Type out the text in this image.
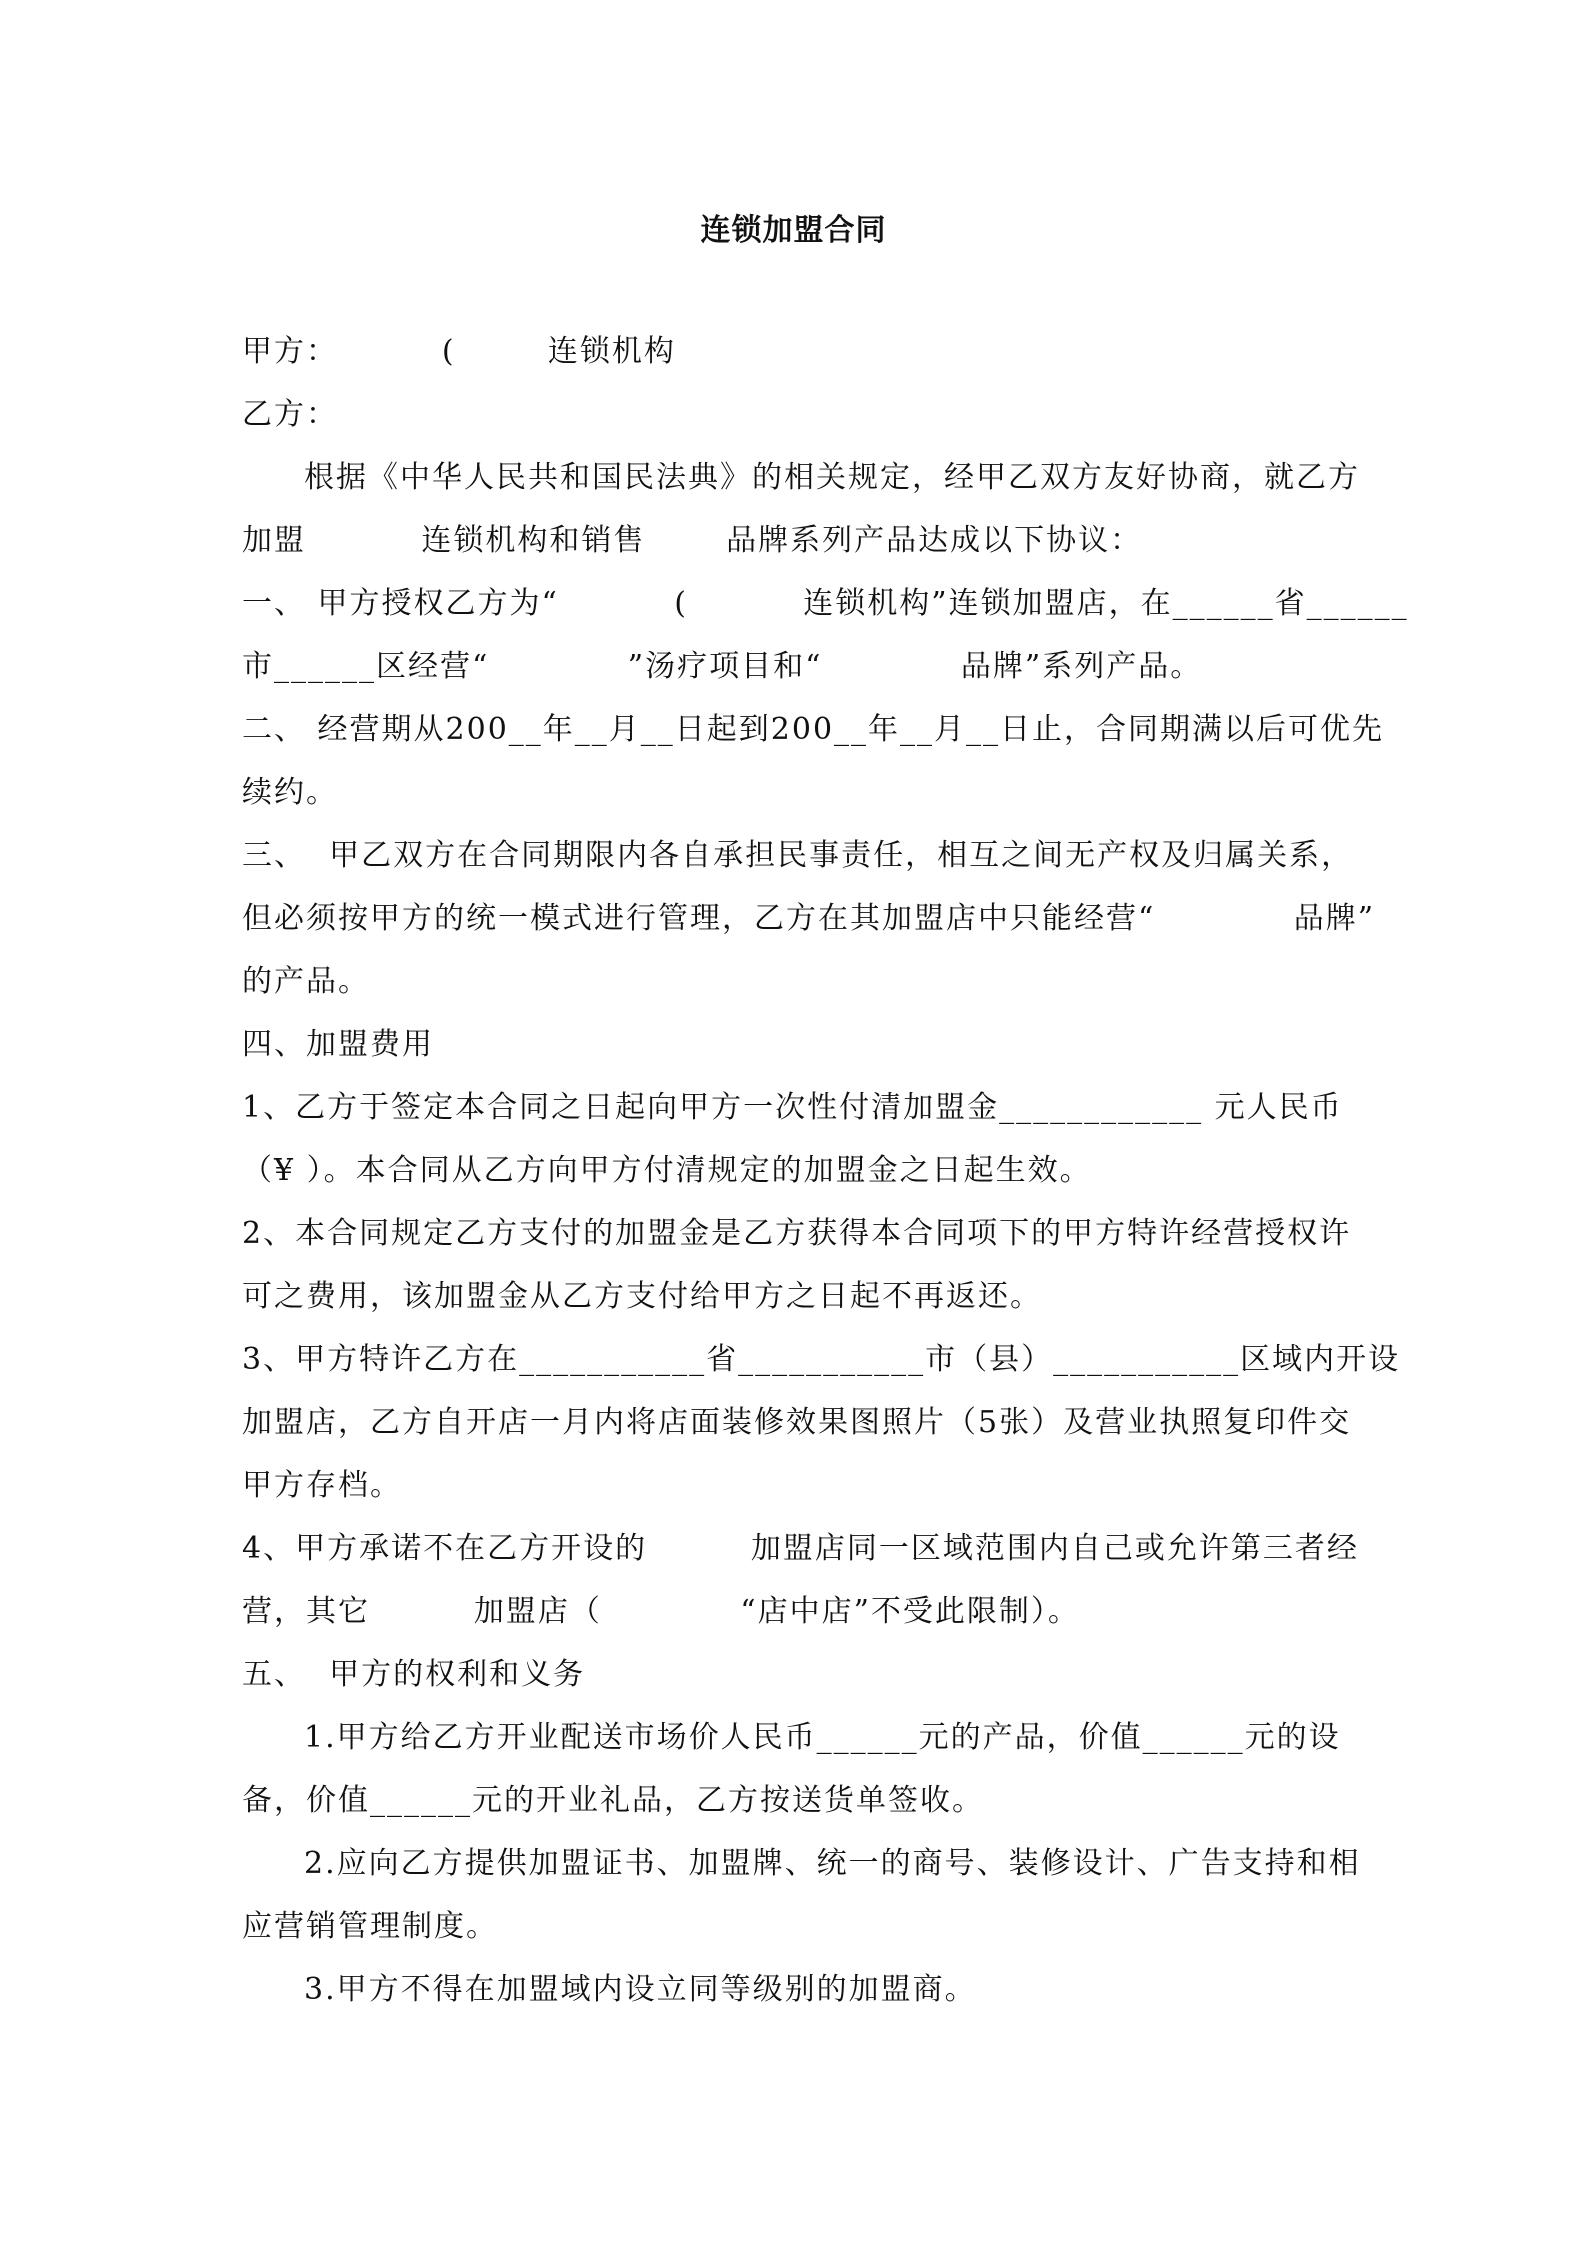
连锁加盟合同
甲方：         (        连锁机构
乙方：
根据《中华人民共和国民法典》的相关规定，经甲乙双方友好协商，就乙方
加盟          连锁机构和销售       品牌系列产品达成以下协议：
一、 甲方授权乙方为“          (          连锁机构”连锁加盟店，在______省______
市______区经营“            ”汤疗项目和“            品牌”系列产品。
二、 经营期从200__年__月__日起到200__年__月__日止，合同期满以后可优先
续约。
三、  甲乙双方在合同期限内各自承担民事责任，相互之间无产权及归属关系，
但必须按甲方的统一模式进行管理，乙方在其加盟店中只能经营“            品牌”
的产品。
四、加盟费用
1、乙方于签定本合同之日起向甲方一次性付清加盟金____________ 元人民币
（¥ ）。本合同从乙方向甲方付清规定的加盟金之日起生效。
2、本合同规定乙方支付的加盟金是乙方获得本合同项下的甲方特许经营授权许
可之费用，该加盟金从乙方支付给甲方之日起不再返还。
3、甲方特许乙方在___________省___________市（县）___________区域内开设
加盟店，乙方自开店一月内将店面装修效果图照片（5张）及营业执照复印件交
甲方存档。
4、甲方承诺不在乙方开设的         加盟店同一区域范围内自己或允许第三者经
营，其它         加盟店（            “店中店”不受此限制）。
五、  甲方的权利和义务
1.甲方给乙方开业配送市场价人民币______元的产品，价值______元的设
备，价值______元的开业礼品，乙方按送货单签收。
2.应向乙方提供加盟证书、加盟牌、统一的商号、装修设计、广告支持和相
应营销管理制度。
3.甲方不得在加盟域内设立同等级别的加盟商。
